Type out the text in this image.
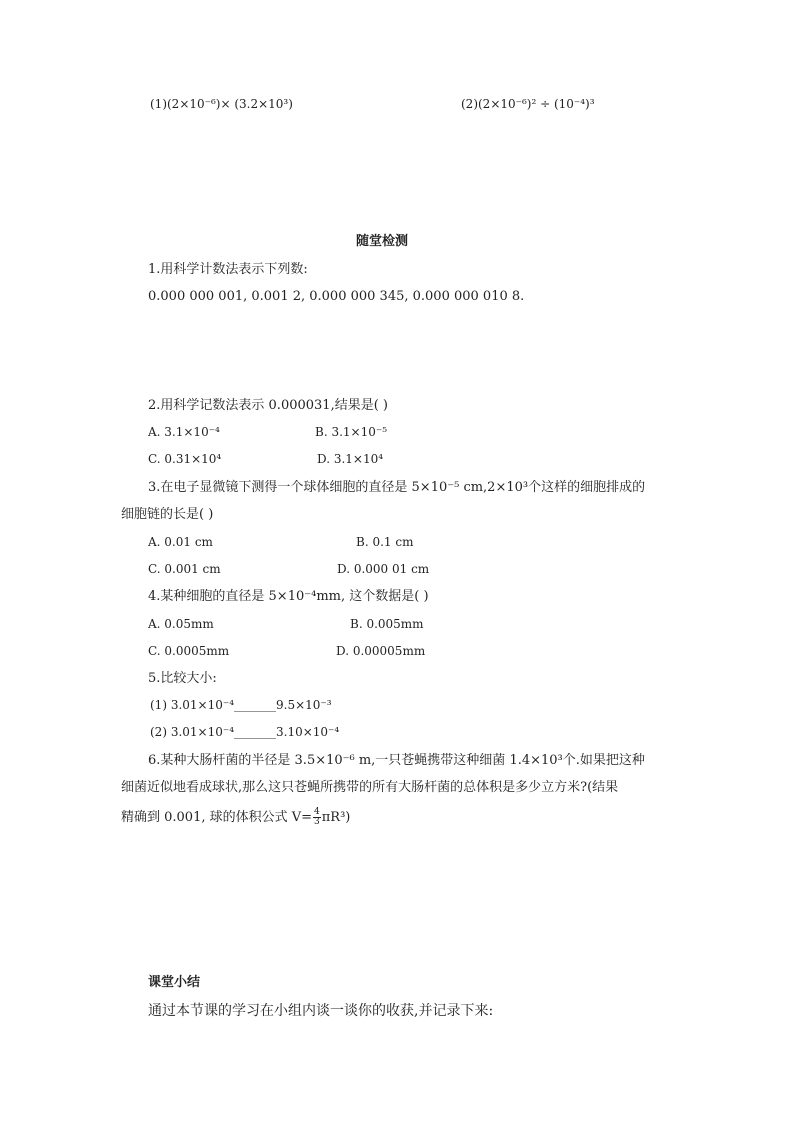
(1)(2×10⁻⁶)× (3.2×10³)	(2)(2×10⁻⁶)² ÷ (10⁻⁴)³
随堂检测
1.用科学计数法表示下列数:
0.000 000 001, 0.001 2, 0.000 000 345, 0.000 000 010 8.
2.用科学记数法表示 0.000031,结果是( )
A. 3.1×10⁻⁴	B. 3.1×10⁻⁵
C. 0.31×10⁴	D. 3.1×10⁴
3.在电子显微镜下测得一个球体细胞的直径是 5×10⁻⁵ cm,2×10³个这样的细胞排成的
细胞链的长是( )
A. 0.01 cm	B. 0.1 cm
C. 0.001 cm	D. 0.000 01 cm
4.某种细胞的直径是 5×10⁻⁴mm, 这个数据是( )
A. 0.05mm	B. 0.005mm
C. 0.0005mm	D. 0.00005mm
5.比较大小:
(1) 3.01×10⁻⁴_______9.5×10⁻³
(2) 3.01×10⁻⁴_______3.10×10⁻⁴
6.某种大肠杆菌的半径是 3.5×10⁻⁶ m,一只苍蝇携带这种细菌 1.4×10³个.如果把这种
细菌近似地看成球状,那么这只苍蝇所携带的所有大肠杆菌的总体积是多少立方米?(结果
精确到 0.001, 球的体积公式 $V= \frac{4}{3} \pi R^3$)
课堂小结
通过本节课的学习在小组内谈一谈你的收获,并记录下来:
